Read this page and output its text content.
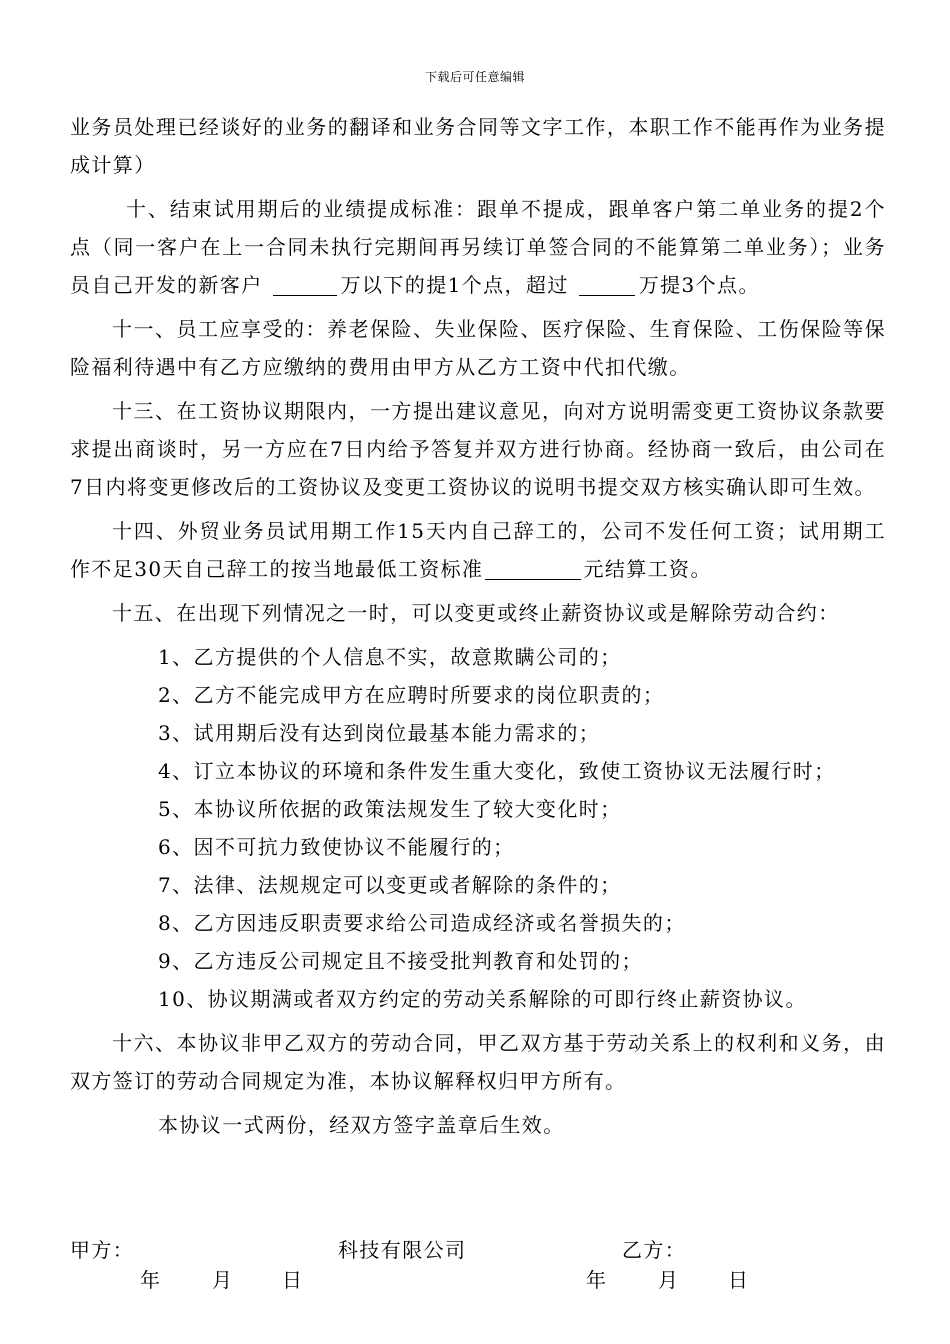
下载后可任意编辑

业务员处理已经谈好的业务的翻译和业务合同等文字工作，本职工作不能再作为业务提成计算）

十、结束试用期后的业绩提成标准：跟单不提成，跟单客户第二单业务的提2个点（同一客户在上一合同未执行完期间再另续订单签合同的不能算第二单业务）；业务员自己开发的新客户	万以下的提1个点，超过	万提3个点。

十一、员工应享受的：养老保险、失业保险、医疗保险、生育保险、工伤保险等保险福利待遇中有乙方应缴纳的费用由甲方从乙方工资中代扣代缴。

十三、在工资协议期限内，一方提出建议意见，向对方说明需变更工资协议条款要求提出商谈时，另一方应在7日内给予答复并双方进行协商。经协商一致后，由公司在7日内将变更修改后的工资协议及变更工资协议的说明书提交双方核实确认即可生效。

十四、外贸业务员试用期工作15天内自己辞工的，公司不发任何工资；试用期工作不足30天自己辞工的按当地最低工资标准	元结算工资。

十五、在出现下列情况之一时，可以变更或终止薪资协议或是解除劳动合约：

1、乙方提供的个人信息不实，故意欺瞒公司的；

2、乙方不能完成甲方在应聘时所要求的岗位职责的；

3、试用期后没有达到岗位最基本能力需求的；

4、订立本协议的环境和条件发生重大变化，致使工资协议无法履行时；

5、本协议所依据的政策法规发生了较大变化时；

6、因不可抗力致使协议不能履行的；

7、法律、法规规定可以变更或者解除的条件的；

8、乙方因违反职责要求给公司造成经济或名誉损失的；

9、乙方违反公司规定且不接受批判教育和处罚的；

10、协议期满或者双方约定的劳动关系解除的可即行终止薪资协议。

十六、本协议非甲乙双方的劳动合同，甲乙双方基于劳动关系上的权利和义务，由双方签订的劳动合同规定为准，本协议解释权归甲方所有。

本协议一式两份，经双方签字盖章后生效。

甲方：	科技有限公司	乙方：
年	月 日	年	月 日
